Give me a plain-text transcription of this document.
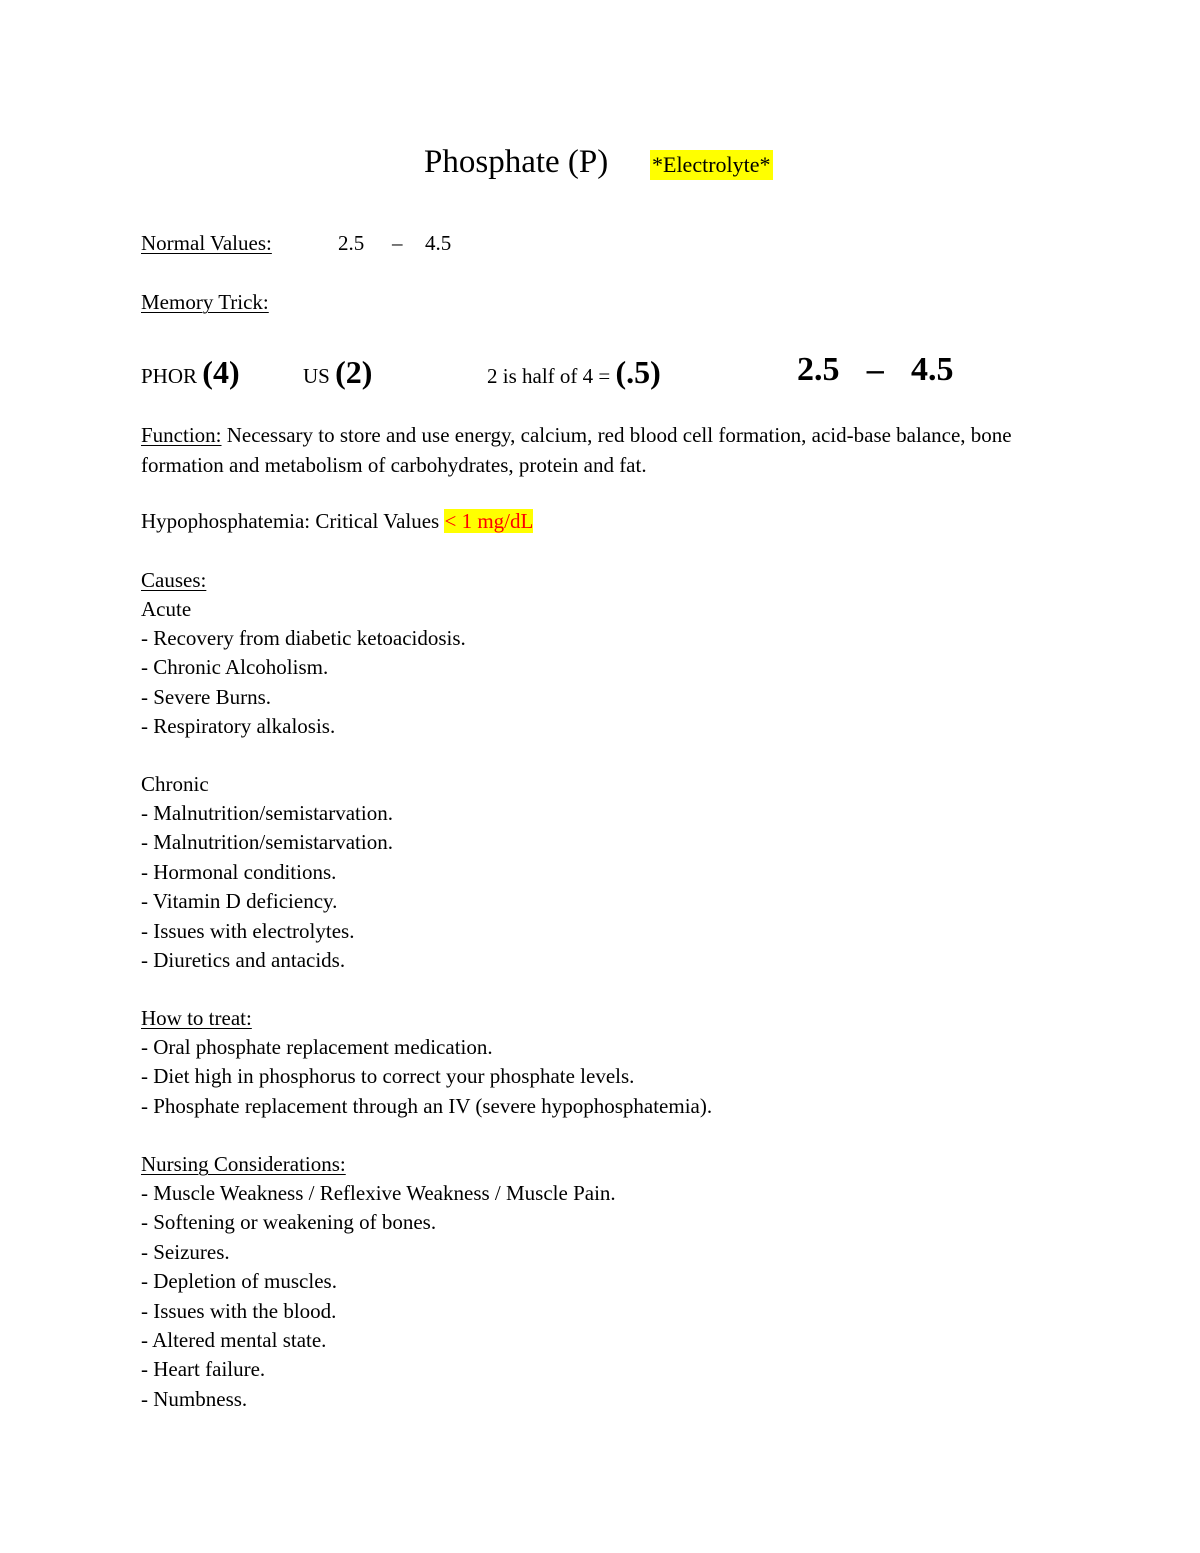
Phosphate (P) *Electrolyte*
Normal Values:	2.5 – 4.5
Memory Trick:
PHOR (4)	US (2)	2 is half of 4 = (.5)	2.5 – 4.5
Function: Necessary to store and use energy, calcium, red blood cell formation, acid-base balance, bone formation and metabolism of carbohydrates, protein and fat.
Hypophosphatemia: Critical Values < 1 mg/dL
Causes:
Acute
- Recovery from diabetic ketoacidosis.
- Chronic Alcoholism.
- Severe Burns.
- Respiratory alkalosis.
Chronic
- Malnutrition/semistarvation.
- Malnutrition/semistarvation.
- Hormonal conditions.
- Vitamin D deficiency.
- Issues with electrolytes.
- Diuretics and antacids.
How to treat:
- Oral phosphate replacement medication.
- Diet high in phosphorus to correct your phosphate levels.
- Phosphate replacement through an IV (severe hypophosphatemia).
Nursing Considerations:
- Muscle Weakness / Reflexive Weakness / Muscle Pain.
- Softening or weakening of bones.
- Seizures.
- Depletion of muscles.
- Issues with the blood.
- Altered mental state.
- Heart failure.
- Numbness.
